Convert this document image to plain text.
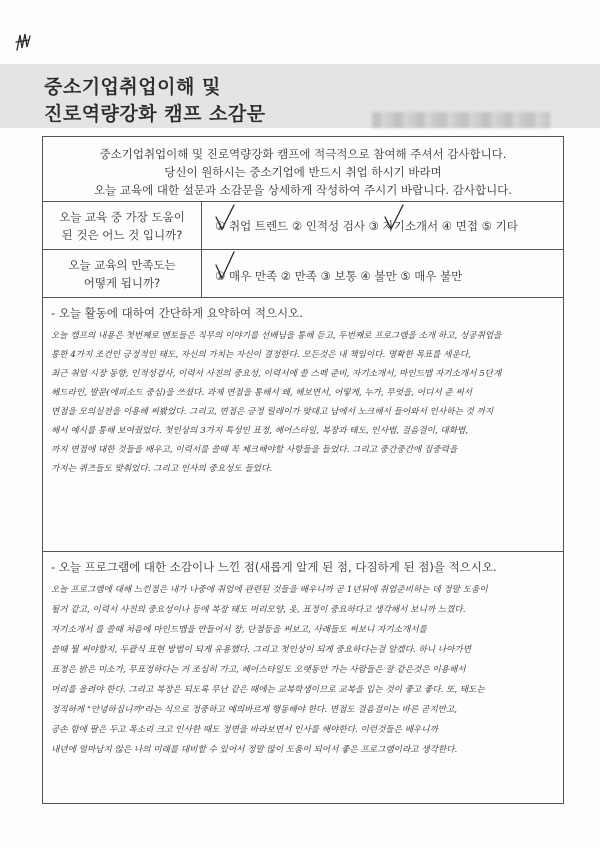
중소기업취업이해 및
진로역량강화 캠프 소감문
중소기업취업이해 및 진로역량강화 캠프에 적극적으로 참여해 주셔서 감사합니다.
당신이 원하시는 중소기업에 반드시 취업 하시기 바라며
오늘 교육에 대한 설문과 소감문을 상세하게 작성하여 주시기 바랍니다. 감사합니다.
오늘 교육 중 가장 도움이
된 것은 어느 것 입니까?
① 취업 트렌드 ② 인적성 검사 ③ 자기소개서 ④ 면접 ⑤ 기타
오늘 교육의 만족도는
어떻게 됩니까?	① 매우 만족 ② 만족 ③ 보통 ④ 불만 ⑤ 매우 불만
- 오늘 활동에 대하여 간단하게 요약하여 적으시오.
오늘 캠프의 내용은 첫번째로 멘토들은 직무의 이야기를 선배님을 통해 듣고, 두번째로 프로그램을 소개 하고, 성공취업을
통한 4가지 조건인 긍정적인 태도, 자신의 가치는 자신이 결정한다. 모든것은 내 책임이다. 명확한 목표를 세운다,
최근 취업 시장 동향, 인적성검사, 이력서 사진의 중요성, 이력서에 쓸 스펙 준비, 자기소개서, 마인드맵 자기소개서 5단계
헤드라인, 발문(에피소드 중심)을 쓰셨다. 과제 면접을 통해서 왜, 해보면서, 어떻게, 누가, 무엇을, 어디서 준 써서
면접을 모의실전을 이용해 써봤었다. 그리고, 면접은 긍정 릴레이가 맞대고 남에서 노크해서 들어와서 인사하는 것 까지
해서 예시를 통해 보여줬었다. 첫인상의 3가지 특성인 표정, 헤어스타일, 복장과 태도, 인사법, 걸음걸이, 대화법,
까지 면접에 대한 것들을 배우고, 이력서를 쓸때 꼭 체크해야할 사항들을 들었다. 그리고 중간중간에 집중력을
가지는 퀴즈들도 맞춰었다. 그리고 인사의 중요성도 들었다.
- 오늘 프로그램에 대한 소감이나 느낀 점(새롭게 알게 된 점, 다짐하게 된 점)을 적으시오.
오늘 프로그램에 대해 느낀점은 내가 나중에 취업에 관련된 것들을 배우니까 곧 1년뒤에 취업준비하는 데 정말 도움이
될거 같고, 이력서 사진의 중요성이나 등에 복장 태도 머리모양, 옷, 표정이 중요하다고 생각해서 보니까 느꼈다.
자기소개서 를 쓸때 처음에 마인드맵을 만들어서 장, 단점등을 써보고, 사례들도 써보니 자기소개서를
쓸때 뭘 써야할지, 두괄식 표현 방법이 되게 유용했다. 그리고 첫인상이 되게 중요하다는걸 알겠다. 하니 나아가면
표정은 밝은 미소가, 무표정하다는 거 조심히 가고, 헤어스타일도 오랫동안 가는 사람들은 잘 같은것은 이용해서
머리를 올려야 한다. 그리고 복장은 되도록 무난 같은 때에는 교복학생이므로 교복을 입는 것이 좋고 좋다. 또, 태도는
정직하게 "안녕하십니까"라는 식으로 정중하고 예의바르게 행동해야 한다. 면접도 걸음걸이는 바른 곧지만고,
공손 함에 팔은 두고 목소리 크고 인사한 때도 정면을 바라보면서 인사를 해야한다. 이런것들은 배우니까
내년에 얼마남지 않은 나의 미래를 대비할 수 있어서 정말 많이 도움이 되어서 좋은 프로그램이라고 생각한다.
